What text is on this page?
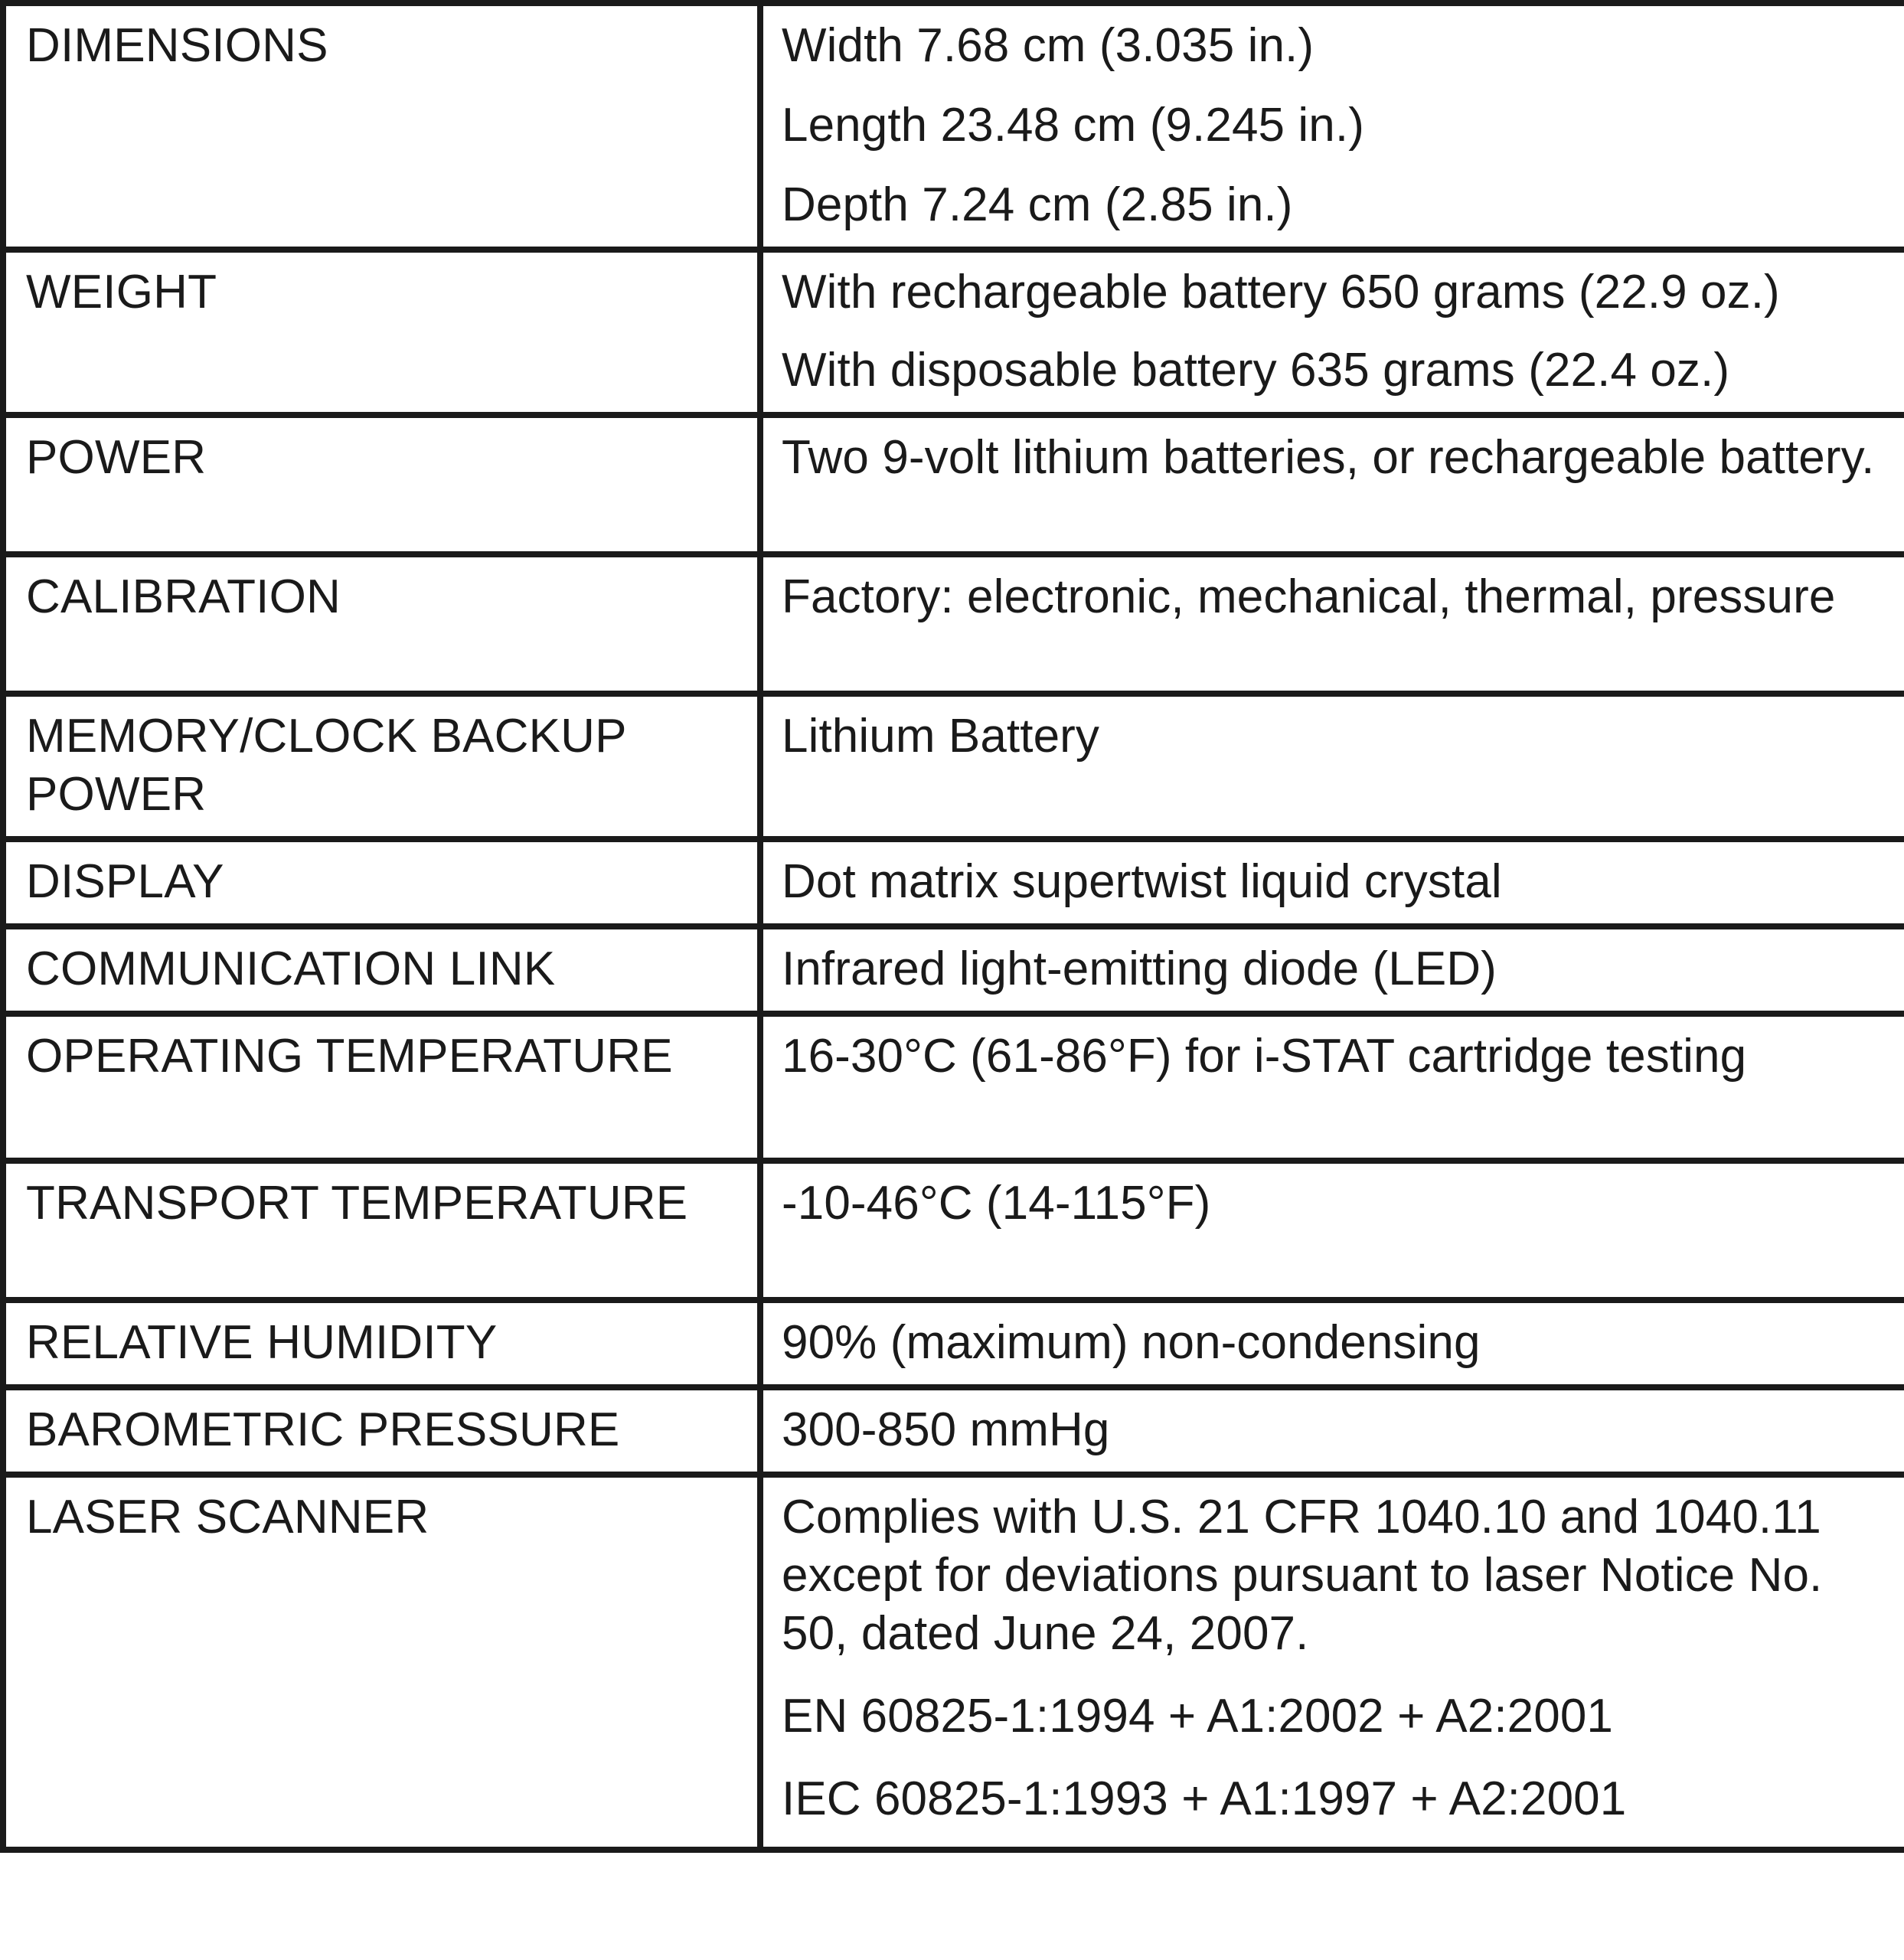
DIMENSIONS	Width 7.68 cm (3.035 in.)
Length 23.48 cm (9.245 in.)
Depth 7.24 cm (2.85 in.)

WEIGHT	With rechargeable battery 650 grams (22.9 oz.)
With disposable battery 635 grams (22.4 oz.)

POWER	Two 9-volt lithium batteries, or rechargeable battery.

CALIBRATION	Factory: electronic, mechanical, thermal, pressure

MEMORY/CLOCK BACKUP POWER	Lithium Battery

DISPLAY	Dot matrix supertwist liquid crystal

COMMUNICATION LINK	Infrared light-emitting diode (LED)

OPERATING TEMPERATURE	16-30°C (61-86°F) for i-STAT cartridge testing

TRANSPORT TEMPERATURE	-10-46°C (14-115°F)

RELATIVE HUMIDITY	90% (maximum) non-condensing

BAROMETRIC PRESSURE	300-850 mmHg

LASER SCANNER	Complies with U.S. 21 CFR 1040.10 and 1040.11 except for deviations pursuant to laser Notice No. 50, dated June 24, 2007.
EN 60825-1:1994 + A1:2002 + A2:2001
IEC 60825-1:1993 + A1:1997 + A2:2001
